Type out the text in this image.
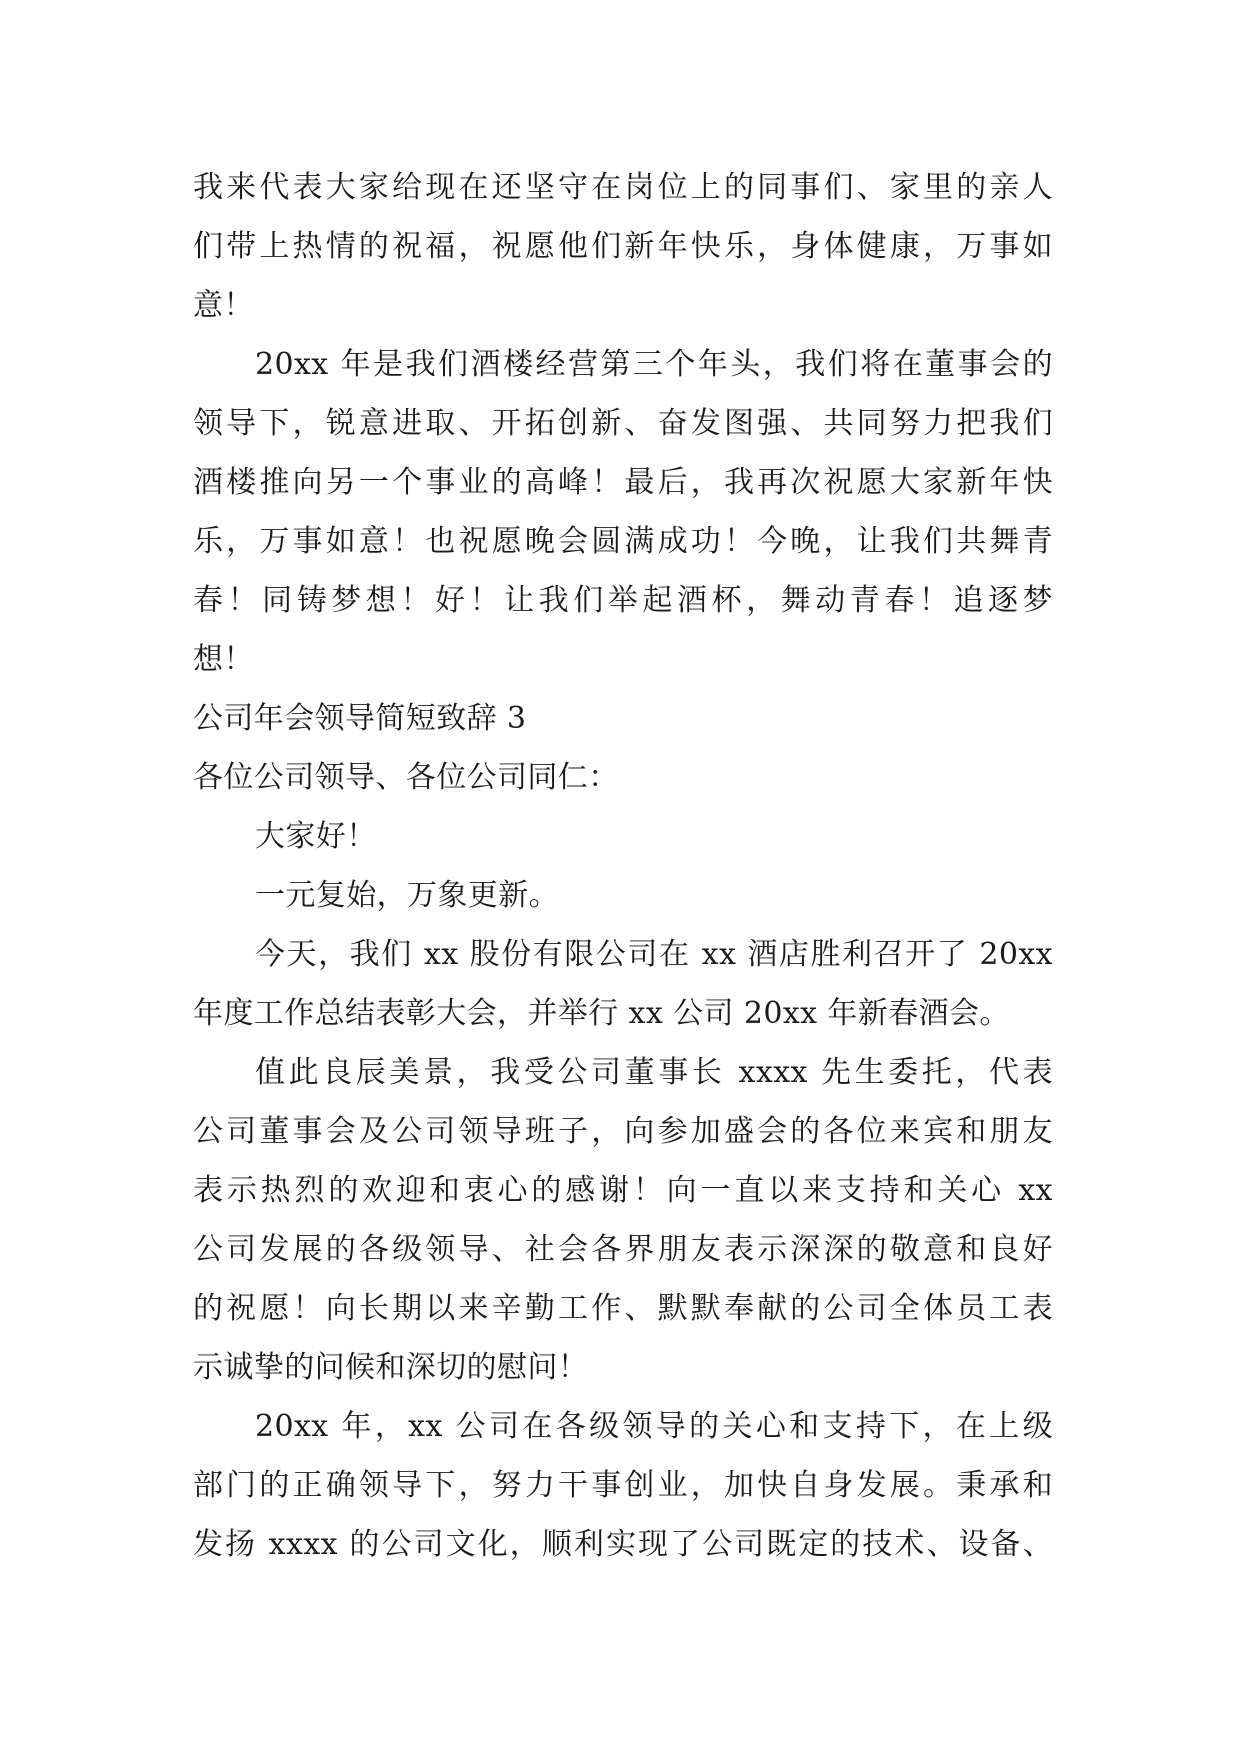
我来代表大家给现在还坚守在岗位上的同事们、家里的亲人
们带上热情的祝福，祝愿他们新年快乐，身体健康，万事如
意！
20xx 年是我们酒楼经营第三个年头，我们将在董事会的
领导下，锐意进取、开拓创新、奋发图强、共同努力把我们
酒楼推向另一个事业的高峰！最后，我再次祝愿大家新年快
乐，万事如意！也祝愿晚会圆满成功！今晚，让我们共舞青
春！同铸梦想！好！让我们举起酒杯，舞动青春！追逐梦
想！
公司年会领导简短致辞 3
各位公司领导、各位公司同仁：
大家好！
一元复始，万象更新。
今天，我们 xx 股份有限公司在 xx 酒店胜利召开了 20xx
年度工作总结表彰大会，并举行 xx 公司 20xx 年新春酒会。
值此良辰美景，我受公司董事长 xxxx 先生委托，代表
公司董事会及公司领导班子，向参加盛会的各位来宾和朋友
表示热烈的欢迎和衷心的感谢！向一直以来支持和关心 xx
公司发展的各级领导、社会各界朋友表示深深的敬意和良好
的祝愿！向长期以来辛勤工作、默默奉献的公司全体员工表
示诚挚的问候和深切的慰问！
20xx 年，xx 公司在各级领导的关心和支持下，在上级
部门的正确领导下，努力干事创业，加快自身发展。秉承和
发扬 xxxx 的公司文化，顺利实现了公司既定的技术、设备、
